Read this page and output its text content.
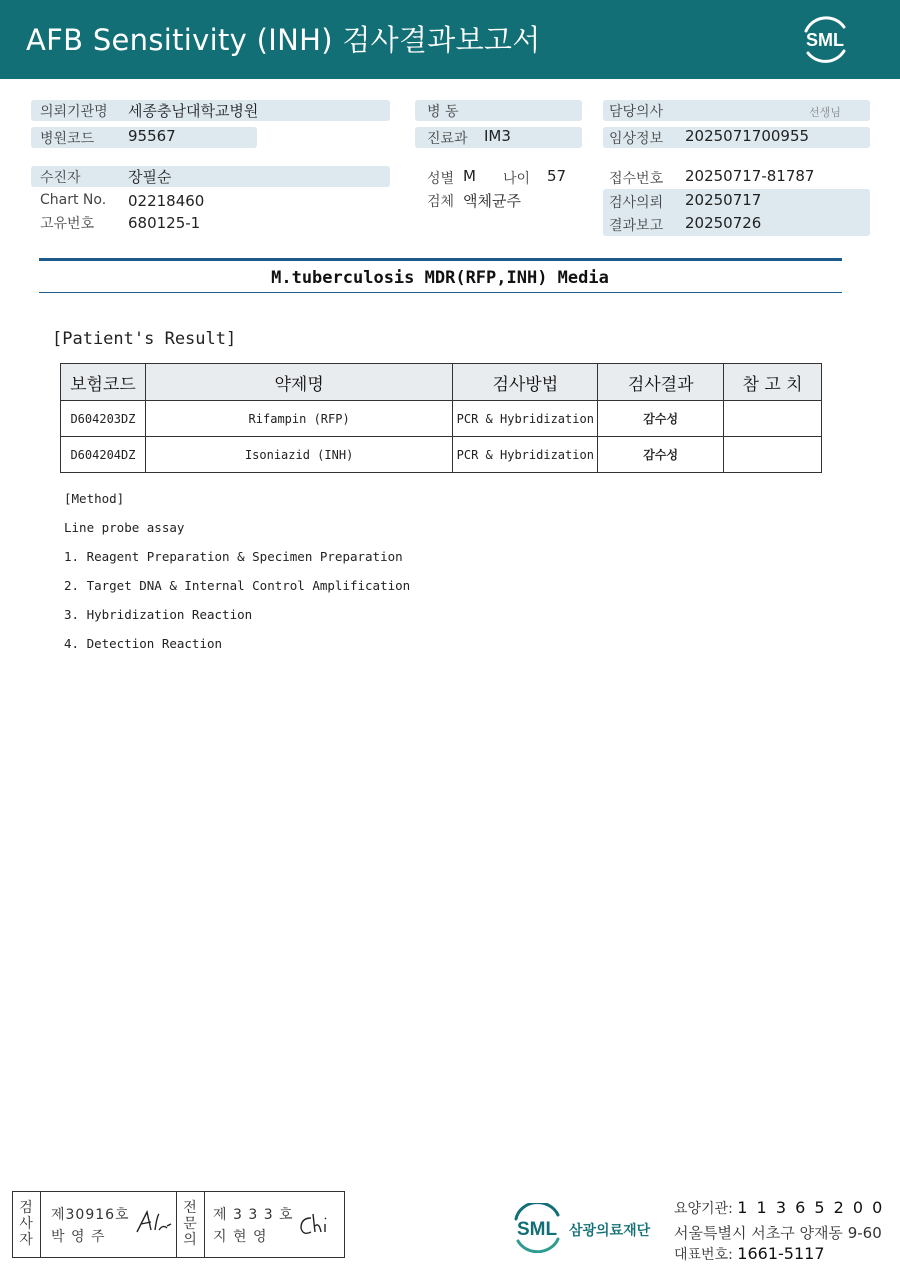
AFB Sensitivity (INH) 검사결과보고서	SML
의뢰기관명 세종충남대학교병원
병원코드 95567
수진자	장필순
Chart No. 02218460
고유번호 680125-1
병 동
진료과 IM3
성별 M 나이 57
검체 액체균주
담당의사	선생님
임상정보 2025071700955
접수번호 20250717-81787
검사의뢰 20250717
결과보고 20250726
M.tuberculosis MDR(RFP,INH) Media
[Patient's Result]
보험코드	약제명	검사방법	검사결과	참 고 치
D604203DZ	Rifampin (RFP)	PCR & Hybridization	감수성	
D604204DZ	Isoniazid (INH)	PCR & Hybridization	감수성	
[Method]
Line probe assay
1. Reagent Preparation & Specimen Preparation
2. Target DNA & Internal Control Amplification
3. Hybridization Reaction
4. Detection Reaction
검사자
제30916호
박 영 주
전문의
제 3 3 3 호
지 현 영	SML 삼광의료재단
요양기관: 1 1 3 6 5 2 0 0
서울특별시 서초구 양재동 9-60
대표번호: 1661-5117
